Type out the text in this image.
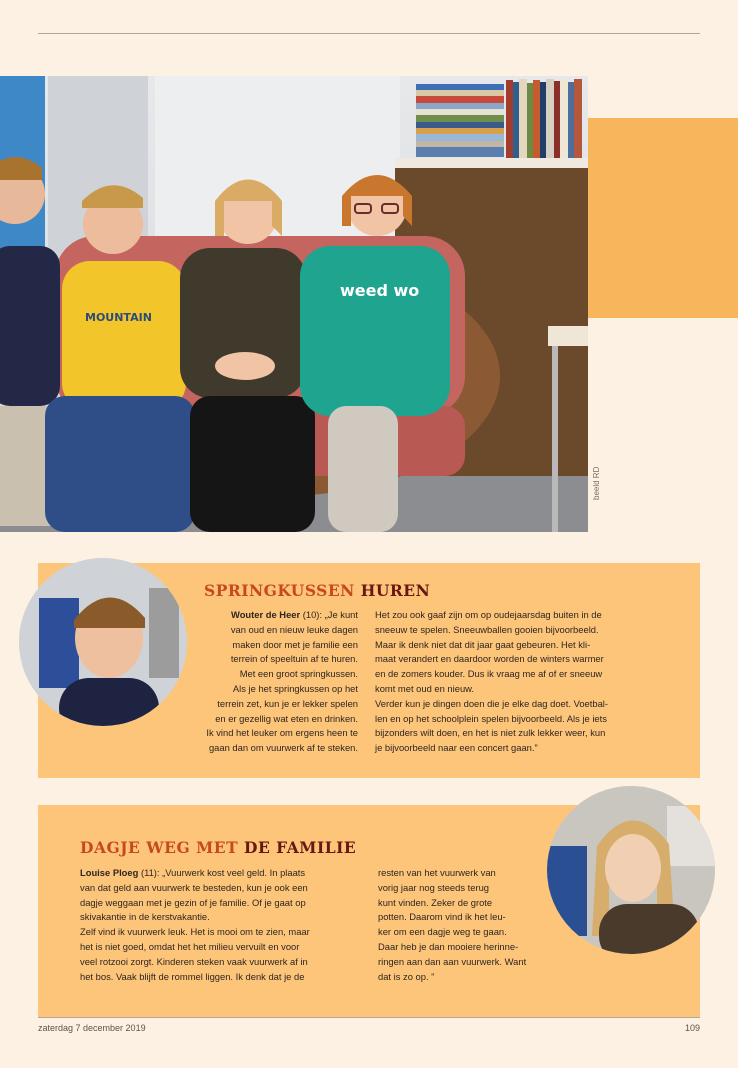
MOUNTAIN
weed wo
beeld RD
SPRINGKUSSEN HUREN

Wouter de Heer (10): „Je kunt

van oud en nieuw leuke dagen

maken door met je familie een

terrein of speeltuin af te huren.

Met een groot springkussen.

Als je het springkussen op het

terrein zet, kun je er lekker spelen

en er gezellig wat eten en drinken.

Ik vind het leuker om ergens heen te

gaan dan om vuurwerk af te steken.

Het zou ook gaaf zijn om op oudejaarsdag buiten in de

sneeuw te spelen. Sneeuwballen gooien bijvoorbeeld.

Maar ik denk niet dat dit jaar gaat gebeuren. Het kli-

maat verandert en daardoor worden de winters warmer

en de zomers kouder. Dus ik vraag me af of er sneeuw

komt met oud en nieuw.

Verder kun je dingen doen die je elke dag doet. Voetbal-

len en op het schoolplein spelen bijvoorbeeld. Als je iets

bijzonders wilt doen, en het is niet zulk lekker weer, kun

je bijvoorbeeld naar een concert gaan.”

DAGJE WEG MET DE FAMILIE

Louise Ploeg (11): „Vuurwerk kost veel geld. In plaats

van dat geld aan vuurwerk te besteden, kun je ook een

dagje weggaan met je gezin of je familie. Of je gaat op

skivakantie in de kerstvakantie.

Zelf vind ik vuurwerk leuk. Het is mooi om te zien, maar

het is niet goed, omdat het het milieu vervuilt en voor

veel rotzooi zorgt. Kinderen steken vaak vuurwerk af in

het bos. Vaak blijft de rommel liggen. Ik denk dat je de

resten van het vuurwerk van

vorig jaar nog steeds terug

kunt vinden. Zeker de grote

potten. Daarom vind ik het leu-

ker om een dagje weg te gaan.

Daar heb je dan mooiere herinne-

ringen aan dan aan vuurwerk. Want

dat is zo op. ”

zaterdag 7 december 2019	109
